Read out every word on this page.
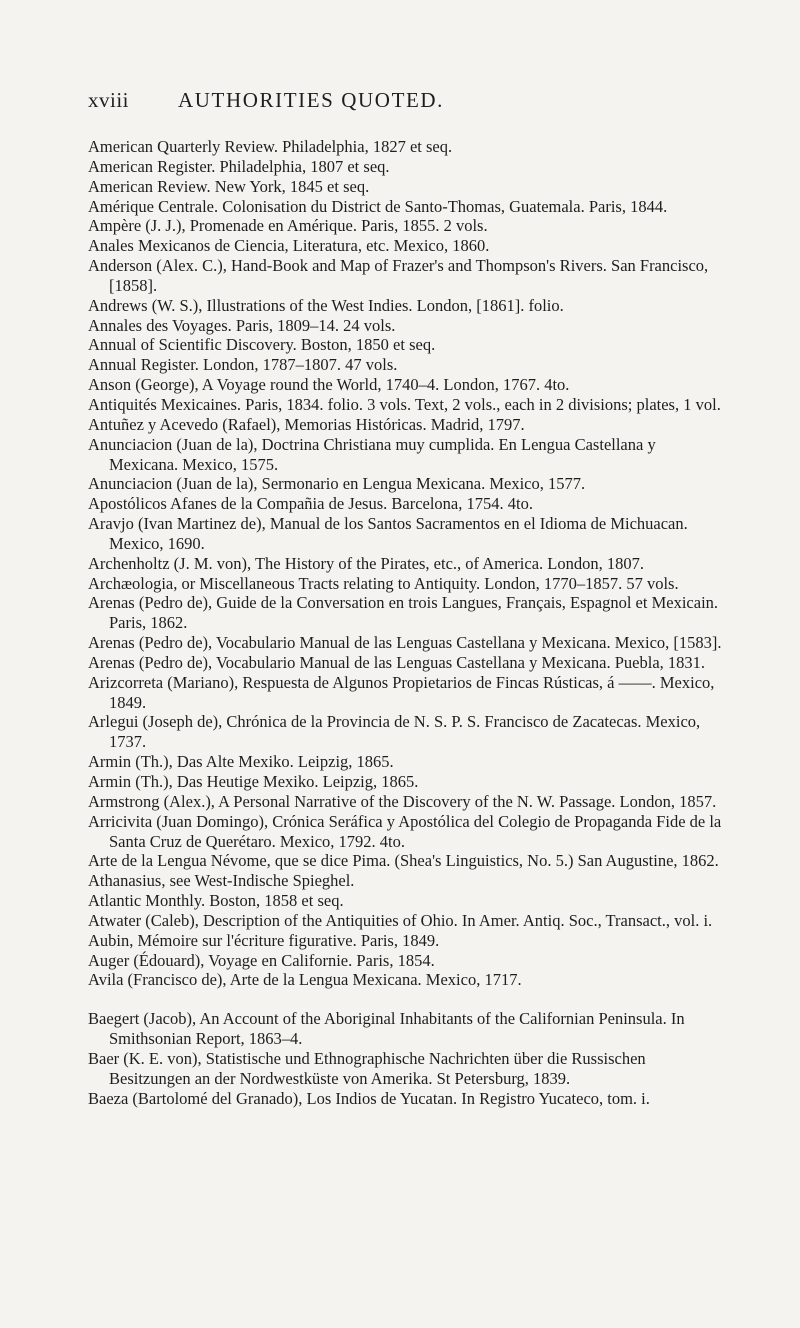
xviii AUTHORITIES QUOTED.

American Quarterly Review. Philadelphia, 1827 et seq.

American Register. Philadelphia, 1807 et seq.

American Review. New York, 1845 et seq.

Amérique Centrale. Colonisation du District de Santo-Thomas, Guatemala. Paris, 1844.

Ampère (J. J.), Promenade en Amérique. Paris, 1855. 2 vols.

Anales Mexicanos de Ciencia, Literatura, etc. Mexico, 1860.

Anderson (Alex. C.), Hand-Book and Map of Frazer's and Thompson's Rivers. San Francisco, [1858].

Andrews (W. S.), Illustrations of the West Indies. London, [1861]. folio.

Annales des Voyages. Paris, 1809–14. 24 vols.

Annual of Scientific Discovery. Boston, 1850 et seq.

Annual Register. London, 1787–1807. 47 vols.

Anson (George), A Voyage round the World, 1740–4. London, 1767. 4to.

Antiquités Mexicaines. Paris, 1834. folio. 3 vols. Text, 2 vols., each in 2 divisions; plates, 1 vol.

Antuñez y Acevedo (Rafael), Memorias Históricas. Madrid, 1797.

Anunciacion (Juan de la), Doctrina Christiana muy cumplida. En Lengua Castellana y Mexicana. Mexico, 1575.

Anunciacion (Juan de la), Sermonario en Lengua Mexicana. Mexico, 1577.

Apostólicos Afanes de la Compañia de Jesus. Barcelona, 1754. 4to.

Aravjo (Ivan Martinez de), Manual de los Santos Sacramentos en el Idioma de Michuacan. Mexico, 1690.

Archenholtz (J. M. von), The History of the Pirates, etc., of America. London, 1807.

Archæologia, or Miscellaneous Tracts relating to Antiquity. London, 1770–1857. 57 vols.

Arenas (Pedro de), Guide de la Conversation en trois Langues, Français, Espagnol et Mexicain. Paris, 1862.

Arenas (Pedro de), Vocabulario Manual de las Lenguas Castellana y Mexicana. Mexico, [1583].

Arenas (Pedro de), Vocabulario Manual de las Lenguas Castellana y Mexicana. Puebla, 1831.

Arizcorreta (Mariano), Respuesta de Algunos Propietarios de Fincas Rústicas, á ——. Mexico, 1849.

Arlegui (Joseph de), Chrónica de la Provincia de N. S. P. S. Francisco de Zacatecas. Mexico, 1737.

Armin (Th.), Das Alte Mexiko. Leipzig, 1865.

Armin (Th.), Das Heutige Mexiko. Leipzig, 1865.

Armstrong (Alex.), A Personal Narrative of the Discovery of the N. W. Passage. London, 1857.

Arricivita (Juan Domingo), Crónica Seráfica y Apostólica del Colegio de Propaganda Fide de la Santa Cruz de Querétaro. Mexico, 1792. 4to.

Arte de la Lengua Névome, que se dice Pima. (Shea's Linguistics, No. 5.) San Augustine, 1862.

Athanasius, see West-Indische Spieghel.

Atlantic Monthly. Boston, 1858 et seq.

Atwater (Caleb), Description of the Antiquities of Ohio. In Amer. Antiq. Soc., Transact., vol. i.

Aubin, Mémoire sur l'écriture figurative. Paris, 1849.

Auger (Édouard), Voyage en Californie. Paris, 1854.

Avila (Francisco de), Arte de la Lengua Mexicana. Mexico, 1717.

Baegert (Jacob), An Account of the Aboriginal Inhabitants of the Californian Peninsula. In Smithsonian Report, 1863–4.

Baer (K. E. von), Statistische und Ethnographische Nachrichten über die Russischen Besitzungen an der Nordwestküste von Amerika. St Petersburg, 1839.

Baeza (Bartolomé del Granado), Los Indios de Yucatan. In Registro Yucateco, tom. i.
